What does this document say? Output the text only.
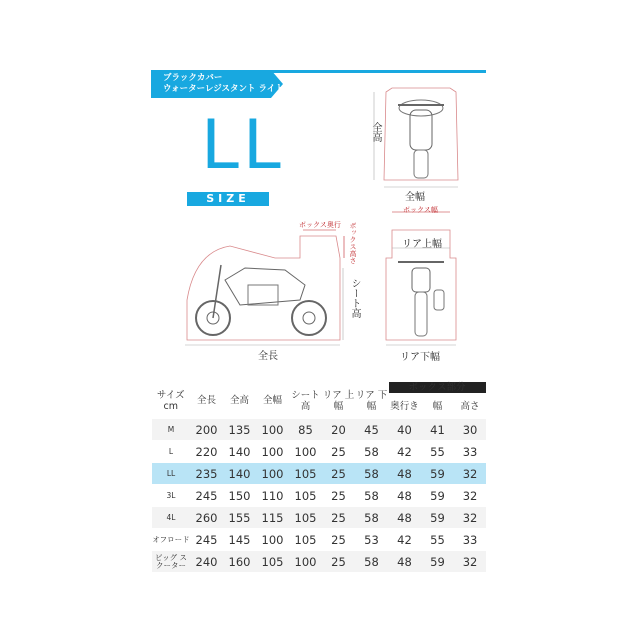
ブラックカバー
ウォーターレジスタント ライト
LL
SIZE
全高
全幅
ボックス奥行 ボックス高さ
ボックス幅
リア上幅
シート高
全長	リア下幅
サイズ cm	全長	全高	全幅	シート 高	リア 上幅	リア 下幅	ボックス部分		
							奥行き	幅	高さ
M	200	135	100	85	20	45	40	41	30
L	220	140	100	100	25	58	42	55	33
LL	235	140	100	105	25	58	48	59	32
3L	245	150	110	105	25	58	48	59	32
4L	260	155	115	105	25	58	48	59	32
オフロード	245	145	100	105	25	53	42	55	33
ビッグ スクーター	240	160	105	100	25	58	48	59	32
